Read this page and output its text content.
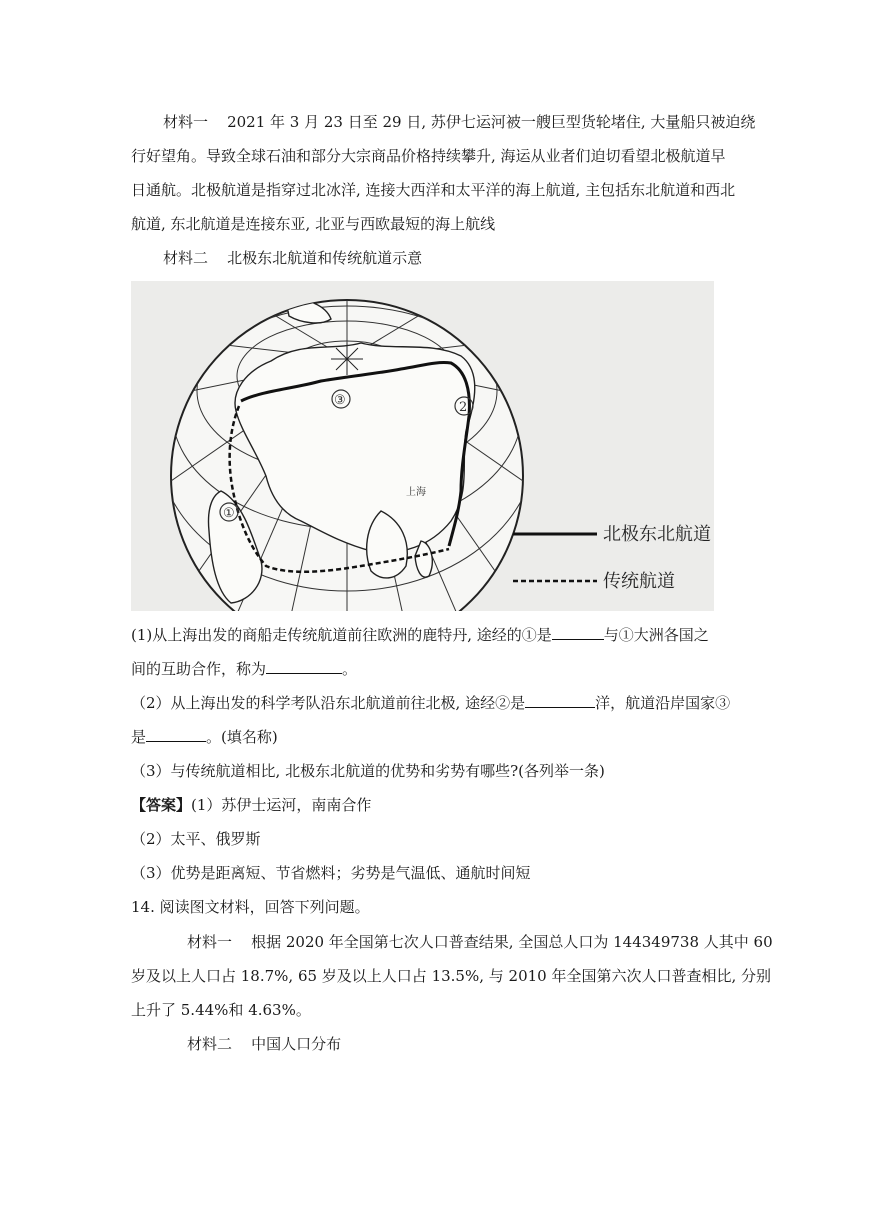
材料一 2021 年 3 月 23 日至 29 日, 苏伊七运河被一艘巨型货轮堵住, 大量船只被迫绕
行好望角。导致全球石油和部分大宗商品价格持续攀升, 海运从业者们迫切看望北极航道早
日通航。北极航道是指穿过北冰洋, 连接大西洋和太平洋的海上航道, 主包括东北航道和西北
航道, 东北航道是连接东亚, 北亚与西欧最短的海上航线
材料二 北极东北航道和传统航道示意
①
③	2
上海
北极东北航道
传统航道
(1)从上海出发的商船走传统航道前往欧洲的鹿特丹, 途经的①是	与①大洲各国之
间的互助合作，称为	。
（2）从上海出发的科学考队沿东北航道前往北极, 途经②是	洋，航道沿岸国家③
是	。(填名称)
（3）与传统航道相比, 北极东北航道的优势和劣势有哪些?(各列举一条)
【答案】(1）苏伊士运河，南南合作
（2）太平、俄罗斯
（3）优势是距离短、节省燃料；劣势是气温低、通航时间短
14. 阅读图文材料，回答下列问题。
材料一 根据 2020 年全国第七次人口普查结果, 全国总人口为 144349738 人其中 60
岁及以上人口占 18.7%, 65 岁及以上人口占 13.5%, 与 2010 年全国第六次人口普查相比, 分别
上升了 5.44%和 4.63%。
材料二 中国人口分布
